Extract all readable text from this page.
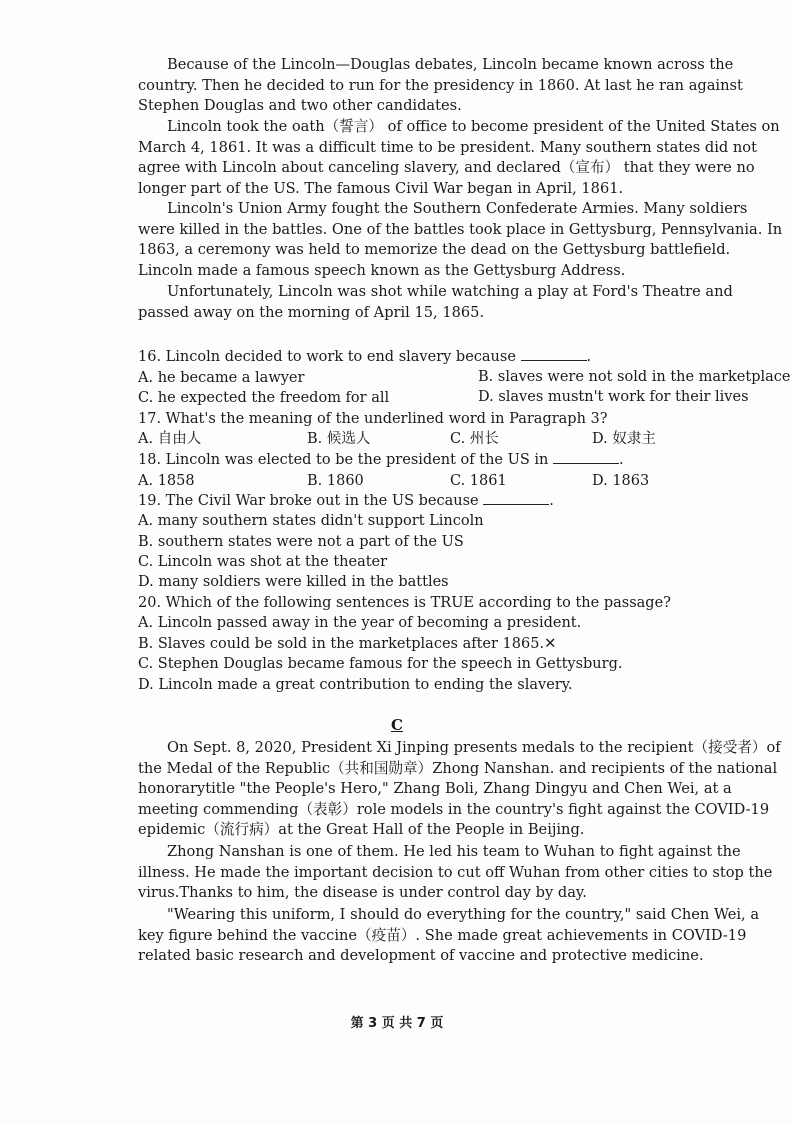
Because of the Lincoln—Douglas debates, Lincoln became known across the country. Then he decided to run for the presidency in 1860. At last he ran against Stephen Douglas and two other candidates.
Lincoln took the oath（誓言） of office to become president of the United States on March 4, 1861. It was a difficult time to be president. Many southern states did not agree with Lincoln about canceling slavery, and declared（宣布） that they were no longer part of the US. The famous Civil War began in April, 1861.
Lincoln's Union Army fought the Southern Confederate Armies. Many soldiers were killed in the battles. One of the battles took place in Gettysburg, Pennsylvania. In 1863, a ceremony was held to memorize the dead on the Gettysburg battlefield. Lincoln made a famous speech known as the Gettysburg Address.
Unfortunately, Lincoln was shot while watching a play at Ford's Theatre and passed away on the morning of April 15, 1865.
16. Lincoln decided to work to end slavery because	.
A. he became a lawyer	B. slaves were not sold in the marketplace
C. he expected the freedom for all	D. slaves mustn't work for their lives
17. What's the meaning of the underlined word in Paragraph 3?
A. 自由人	B. 候选人	C. 州长	D. 奴隶主
18. Lincoln was elected to be the president of the US in	.
A. 1858	B. 1860	C. 1861	D. 1863
19. The Civil War broke out in the US because	.
A. many southern states didn't support Lincoln
B. southern states were not a part of the US
C. Lincoln was shot at the theater
D. many soldiers were killed in the battles
20. Which of the following sentences is TRUE according to the passage?
A. Lincoln passed away in the year of becoming a president.
B. Slaves could be sold in the marketplaces after 1865.✕
C. Stephen Douglas became famous for the speech in Gettysburg.
D. Lincoln made a great contribution to ending the slavery.
C
On Sept. 8, 2020, President Xi Jinping presents medals to the recipient（接受者）of the Medal of the Republic（共和国勋章）Zhong Nanshan. and recipients of the national honorarytitle "the People's Hero," Zhang Boli, Zhang Dingyu and Chen Wei, at a meeting commending（表彰）role models in the country's fight against the COVID-19 epidemic（流行病）at the Great Hall of the People in Beijing.
Zhong Nanshan is one of them. He led his team to Wuhan to fight against the illness. He made the important decision to cut off Wuhan from other cities to stop the virus.Thanks to him, the disease is under control day by day.
"Wearing this uniform, I should do everything for the country," said Chen Wei, a key figure behind the vaccine（疫苗）. She made great achievements in COVID-19 related basic research and development of vaccine and protective medicine.
第 3 页 共 7 页
